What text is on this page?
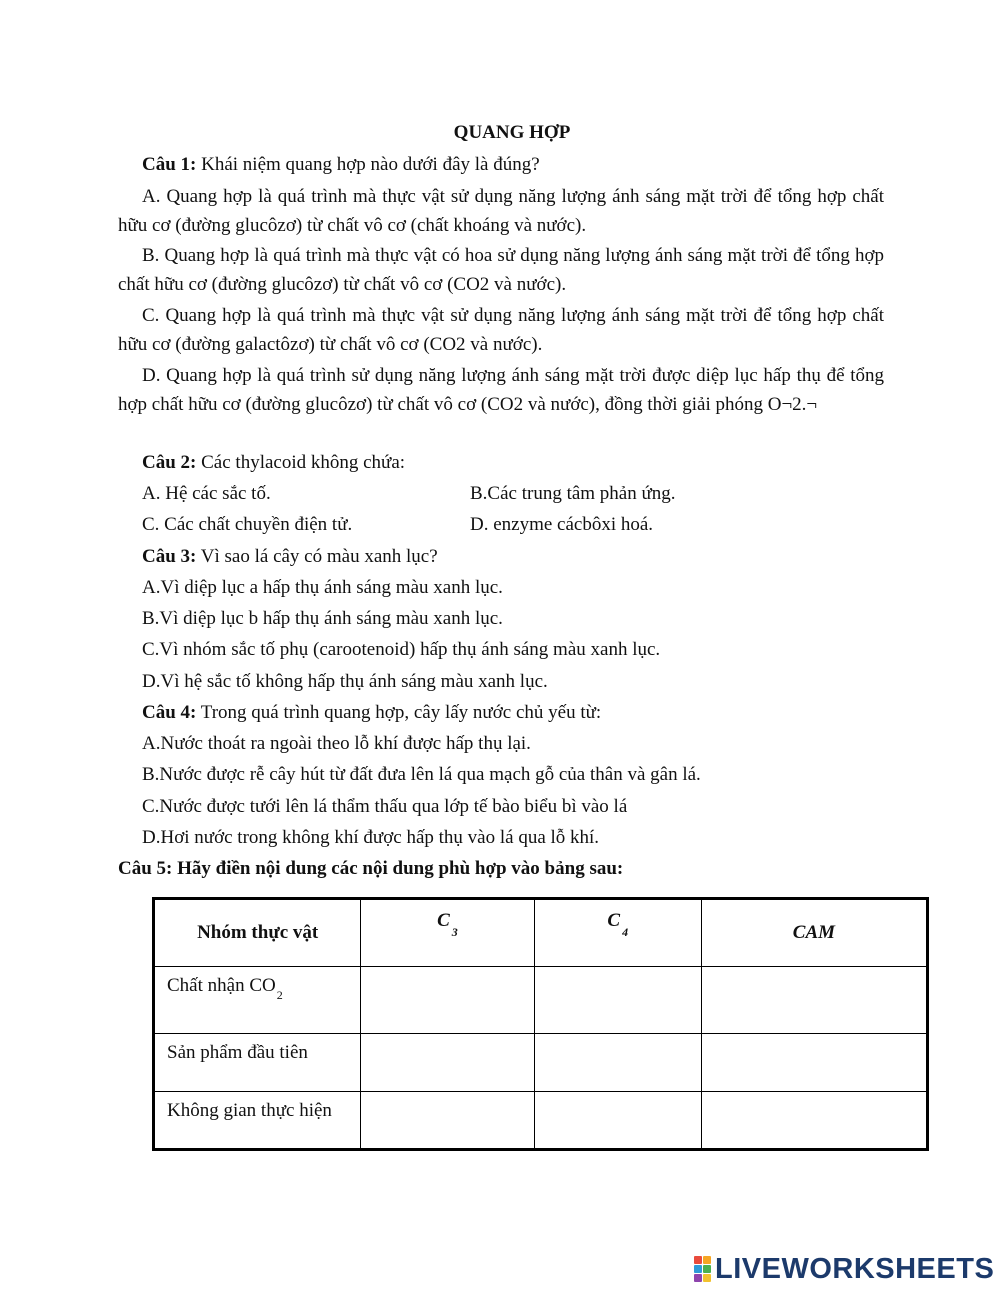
QUANG HỢP
Câu 1: Khái niệm quang hợp nào dưới đây là đúng?
A. Quang hợp là quá trình mà thực vật sử dụng năng lượng ánh sáng mặt trời để tổng hợp chất hữu cơ (đường glucôzơ) từ chất vô cơ (chất khoáng và nước).
B. Quang hợp là quá trình mà thực vật có hoa sử dụng năng lượng ánh sáng mặt trời để tổng hợp chất hữu cơ (đường glucôzơ) từ chất vô cơ (CO2 và nước).
C. Quang hợp là quá trình mà thực vật sử dụng năng lượng ánh sáng mặt trời để tổng hợp chất hữu cơ (đường galactôzơ) từ chất vô cơ (CO2 và nước).
D. Quang hợp là quá trình sử dụng năng lượng ánh sáng mặt trời được diệp lục hấp thụ để tổng hợp chất hữu cơ (đường glucôzơ) từ chất vô cơ (CO2 và nước), đồng thời giải phóng O¬2.¬
Câu 2: Các thylacoid không chứa:
A. Hệ các sắc tố.	B.Các trung tâm phản ứng.
C. Các chất chuyền điện tử.	D. enzyme cácbôxi hoá.
Câu 3: Vì sao lá cây có màu xanh lục?
A.Vì diệp lục a hấp thụ ánh sáng màu xanh lục.
B.Vì diệp lục b hấp thụ ánh sáng màu xanh lục.
C.Vì nhóm sắc tố phụ (carootenoid) hấp thụ ánh sáng màu xanh lục.
D.Vì hệ sắc tố không hấp thụ ánh sáng màu xanh lục.
Câu 4: Trong quá trình quang hợp, cây lấy nước chủ yếu từ:
A.Nước thoát ra ngoài theo lỗ khí được hấp thụ lại.
B.Nước được rễ cây hút từ đất đưa lên lá qua mạch gỗ của thân và gân lá.
C.Nước được tưới lên lá thẩm thấu qua lớp tế bào biểu bì vào lá
D.Hơi nước trong không khí được hấp thụ vào lá qua lỗ khí.
Câu 5: Hãy điền nội dung các nội dung phù hợp vào bảng sau:
Nhóm thực vật	$C_3$	$C_4$	CAM
Chất nhận $CO_2$			
Sản phẩm đầu tiên			
Không gian thực hiện			
LIVEWORKSHEETS
